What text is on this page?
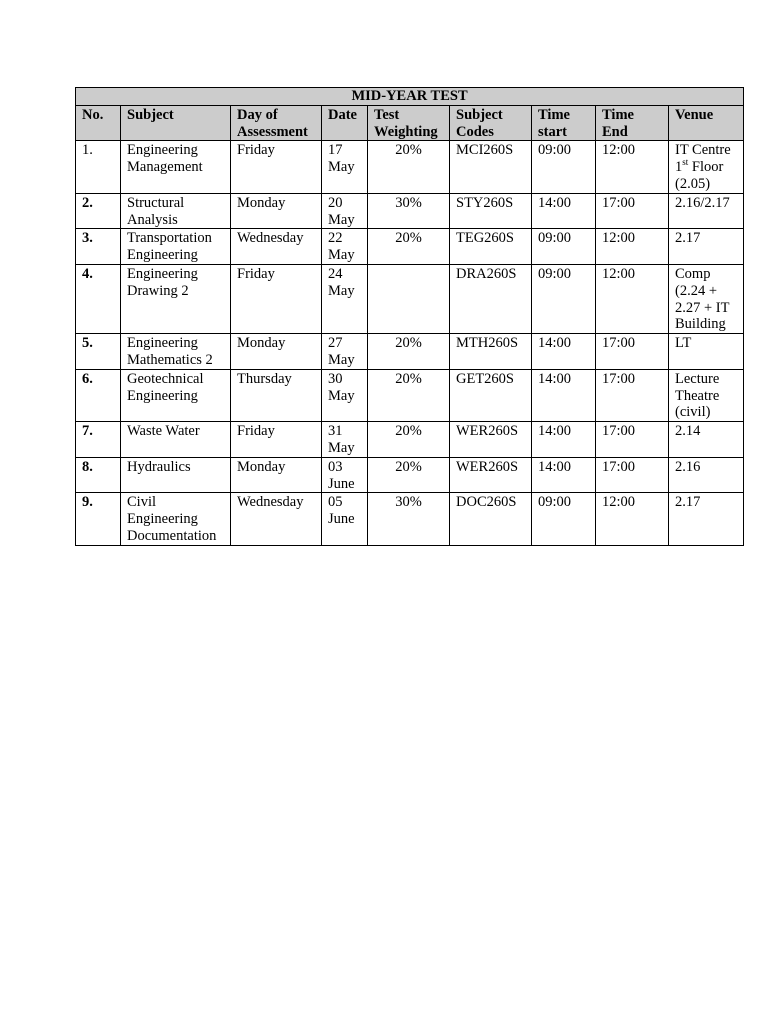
MID-YEAR TEST								
No.	Subject	Day of Assessment	Date	Test Weighting	Subject Codes	Time start	Time End	Venue
1.	Engineering Management	Friday	17 May	20%	MCI260S	09:00	12:00	IT Centre 1st Floor (2.05)
2.	Structural Analysis	Monday	20 May	30%	STY260S	14:00	17:00	2.16/2.17
3.	Transportation Engineering	Wednesday	22 May	20%	TEG260S	09:00	12:00	2.17
4.	Engineering Drawing 2	Friday	24 May		DRA260S	09:00	12:00	Comp (2.24 + 2.27 + IT Building
5.	Engineering Mathematics 2	Monday	27 May	20%	MTH260S	14:00	17:00	LT
6.	Geotechnical Engineering	Thursday	30 May	20%	GET260S	14:00	17:00	Lecture Theatre (civil)
7.	Waste Water	Friday	31 May	20%	WER260S	14:00	17:00	2.14
8.	Hydraulics	Monday	03 June	20%	WER260S	14:00	17:00	2.16
9.	Civil Engineering Documentation	Wednesday	05 June	30%	DOC260S	09:00	12:00	2.17
